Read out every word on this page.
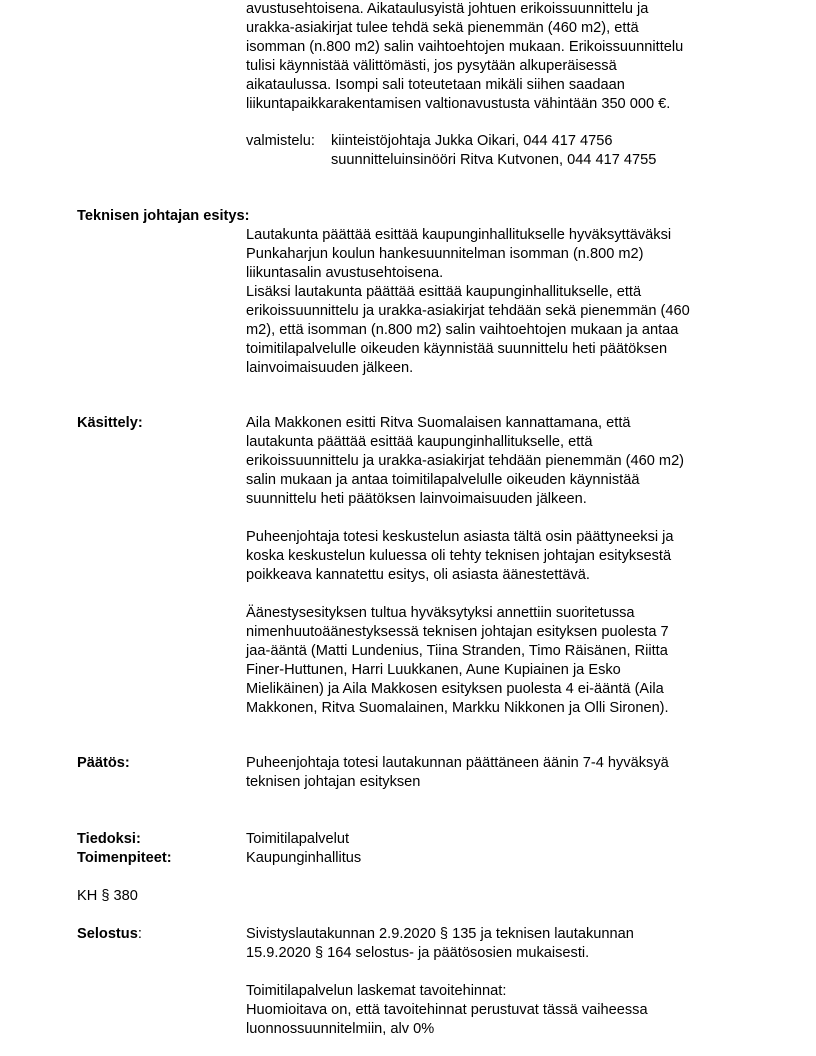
avustusehtoisena. Aikataulusyistä johtuen erikoissuunnittelu ja
urakka-asiakirjat tulee tehdä sekä pienemmän (460 m2), että
isomman (n.800 m2) salin vaihtoehtojen mukaan. Erikoissuunnittelu
tulisi käynnistää välittömästi, jos pysytään alkuperäisessä
aikataulussa. Isompi sali toteutetaan mikäli siihen saadaan
liikuntapaikkarakentamisen valtionavustusta vähintään 350 000 €.
valmistelu:	kiinteistöjohtaja Jukka Oikari, 044 417 4756
suunnitteluinsinööri Ritva Kutvonen, 044 417 4755
Teknisen johtajan esitys:
Lautakunta päättää esittää kaupunginhallitukselle hyväksyttäväksi
Punkaharjun koulun hankesuunnitelman isomman (n.800 m2)
liikuntasalin avustusehtoisena.
Lisäksi lautakunta päättää esittää kaupunginhallitukselle, että
erikoissuunnittelu ja urakka-asiakirjat tehdään sekä pienemmän (460
m2), että isomman (n.800 m2) salin vaihtoehtojen mukaan ja antaa
toimitilapalvelulle oikeuden käynnistää suunnittelu heti päätöksen
lainvoimaisuuden jälkeen.
Käsittely:	Aila Makkonen esitti Ritva Suomalaisen kannattamana, että
lautakunta päättää esittää kaupunginhallitukselle, että
erikoissuunnittelu ja urakka-asiakirjat tehdään pienemmän (460 m2)
salin mukaan ja antaa toimitilapalvelulle oikeuden käynnistää
suunnittelu heti päätöksen lainvoimaisuuden jälkeen.
Puheenjohtaja totesi keskustelun asiasta tältä osin päättyneeksi ja
koska keskustelun kuluessa oli tehty teknisen johtajan esityksestä
poikkeava kannatettu esitys, oli asiasta äänestettävä.
Äänestysesityksen tultua hyväksytyksi annettiin suoritetussa
nimenhuutoäänestyksessä teknisen johtajan esityksen puolesta 7
jaa-ääntä (Matti Lundenius, Tiina Stranden, Timo Räisänen, Riitta
Finer-Huttunen, Harri Luukkanen, Aune Kupiainen ja Esko
Mielikäinen) ja Aila Makkosen esityksen puolesta 4 ei-ääntä (Aila
Makkonen, Ritva Suomalainen, Markku Nikkonen ja Olli Sironen).
Päätös:	Puheenjohtaja totesi lautakunnan päättäneen äänin 7-4 hyväksyä
teknisen johtajan esityksen
Tiedoksi:	Toimitilapalvelut
Toimenpiteet:	Kaupunginhallitus
KH § 380
Selostus:	Sivistyslautakunnan 2.9.2020 § 135 ja teknisen lautakunnan
15.9.2020 § 164 selostus- ja päätösosien mukaisesti.
Toimitilapalvelun laskemat tavoitehinnat:
Huomioitava on, että tavoitehinnat perustuvat tässä vaiheessa
luonnossuunnitelmiin, alv 0%
